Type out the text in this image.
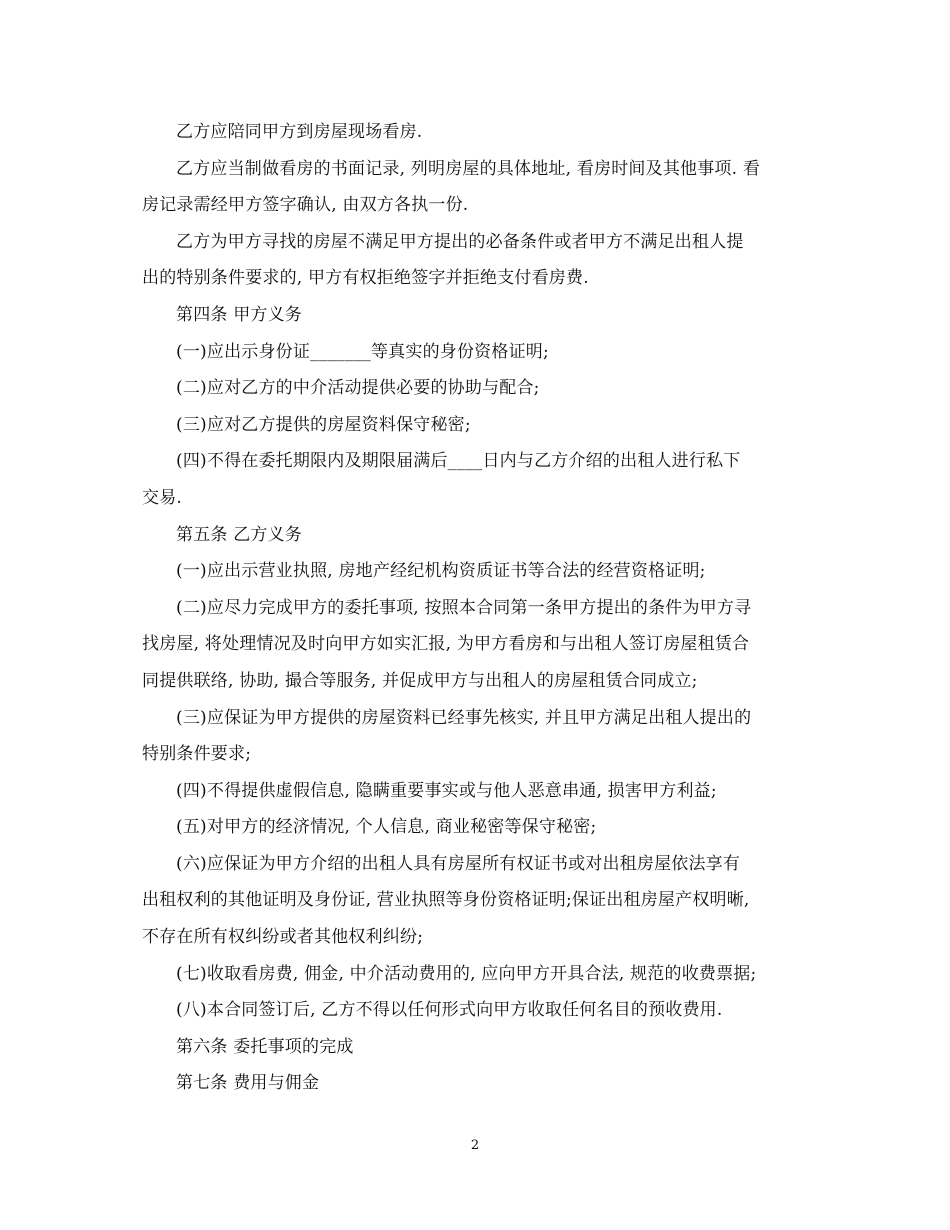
乙方应陪同甲方到房屋现场看房.
乙方应当制做看房的书面记录, 列明房屋的具体地址, 看房时间及其他事项. 看
房记录需经甲方签字确认, 由双方各执一份.
乙方为甲方寻找的房屋不满足甲方提出的必备条件或者甲方不满足出租人提
出的特别条件要求的, 甲方有权拒绝签字并拒绝支付看房费.
第四条 甲方义务
(一)应出示身份证_______等真实的身份资格证明;
(二)应对乙方的中介活动提供必要的协助与配合;
(三)应对乙方提供的房屋资料保守秘密;
(四)不得在委托期限内及期限届满后____日内与乙方介绍的出租人进行私下
交易.
第五条 乙方义务
(一)应出示营业执照, 房地产经纪机构资质证书等合法的经营资格证明;
(二)应尽力完成甲方的委托事项, 按照本合同第一条甲方提出的条件为甲方寻
找房屋, 将处理情况及时向甲方如实汇报, 为甲方看房和与出租人签订房屋租赁合
同提供联络, 协助, 撮合等服务, 并促成甲方与出租人的房屋租赁合同成立;
(三)应保证为甲方提供的房屋资料已经事先核实, 并且甲方满足出租人提出的
特别条件要求;
(四)不得提供虚假信息, 隐瞒重要事实或与他人恶意串通, 损害甲方利益;
(五)对甲方的经济情况, 个人信息, 商业秘密等保守秘密;
(六)应保证为甲方介绍的出租人具有房屋所有权证书或对出租房屋依法享有
出租权利的其他证明及身份证, 营业执照等身份资格证明;保证出租房屋产权明晰,
不存在所有权纠纷或者其他权利纠纷;
(七)收取看房费, 佣金, 中介活动费用的, 应向甲方开具合法, 规范的收费票据;
(八)本合同签订后, 乙方不得以任何形式向甲方收取任何名目的预收费用.
第六条 委托事项的完成
第七条 费用与佣金
2
